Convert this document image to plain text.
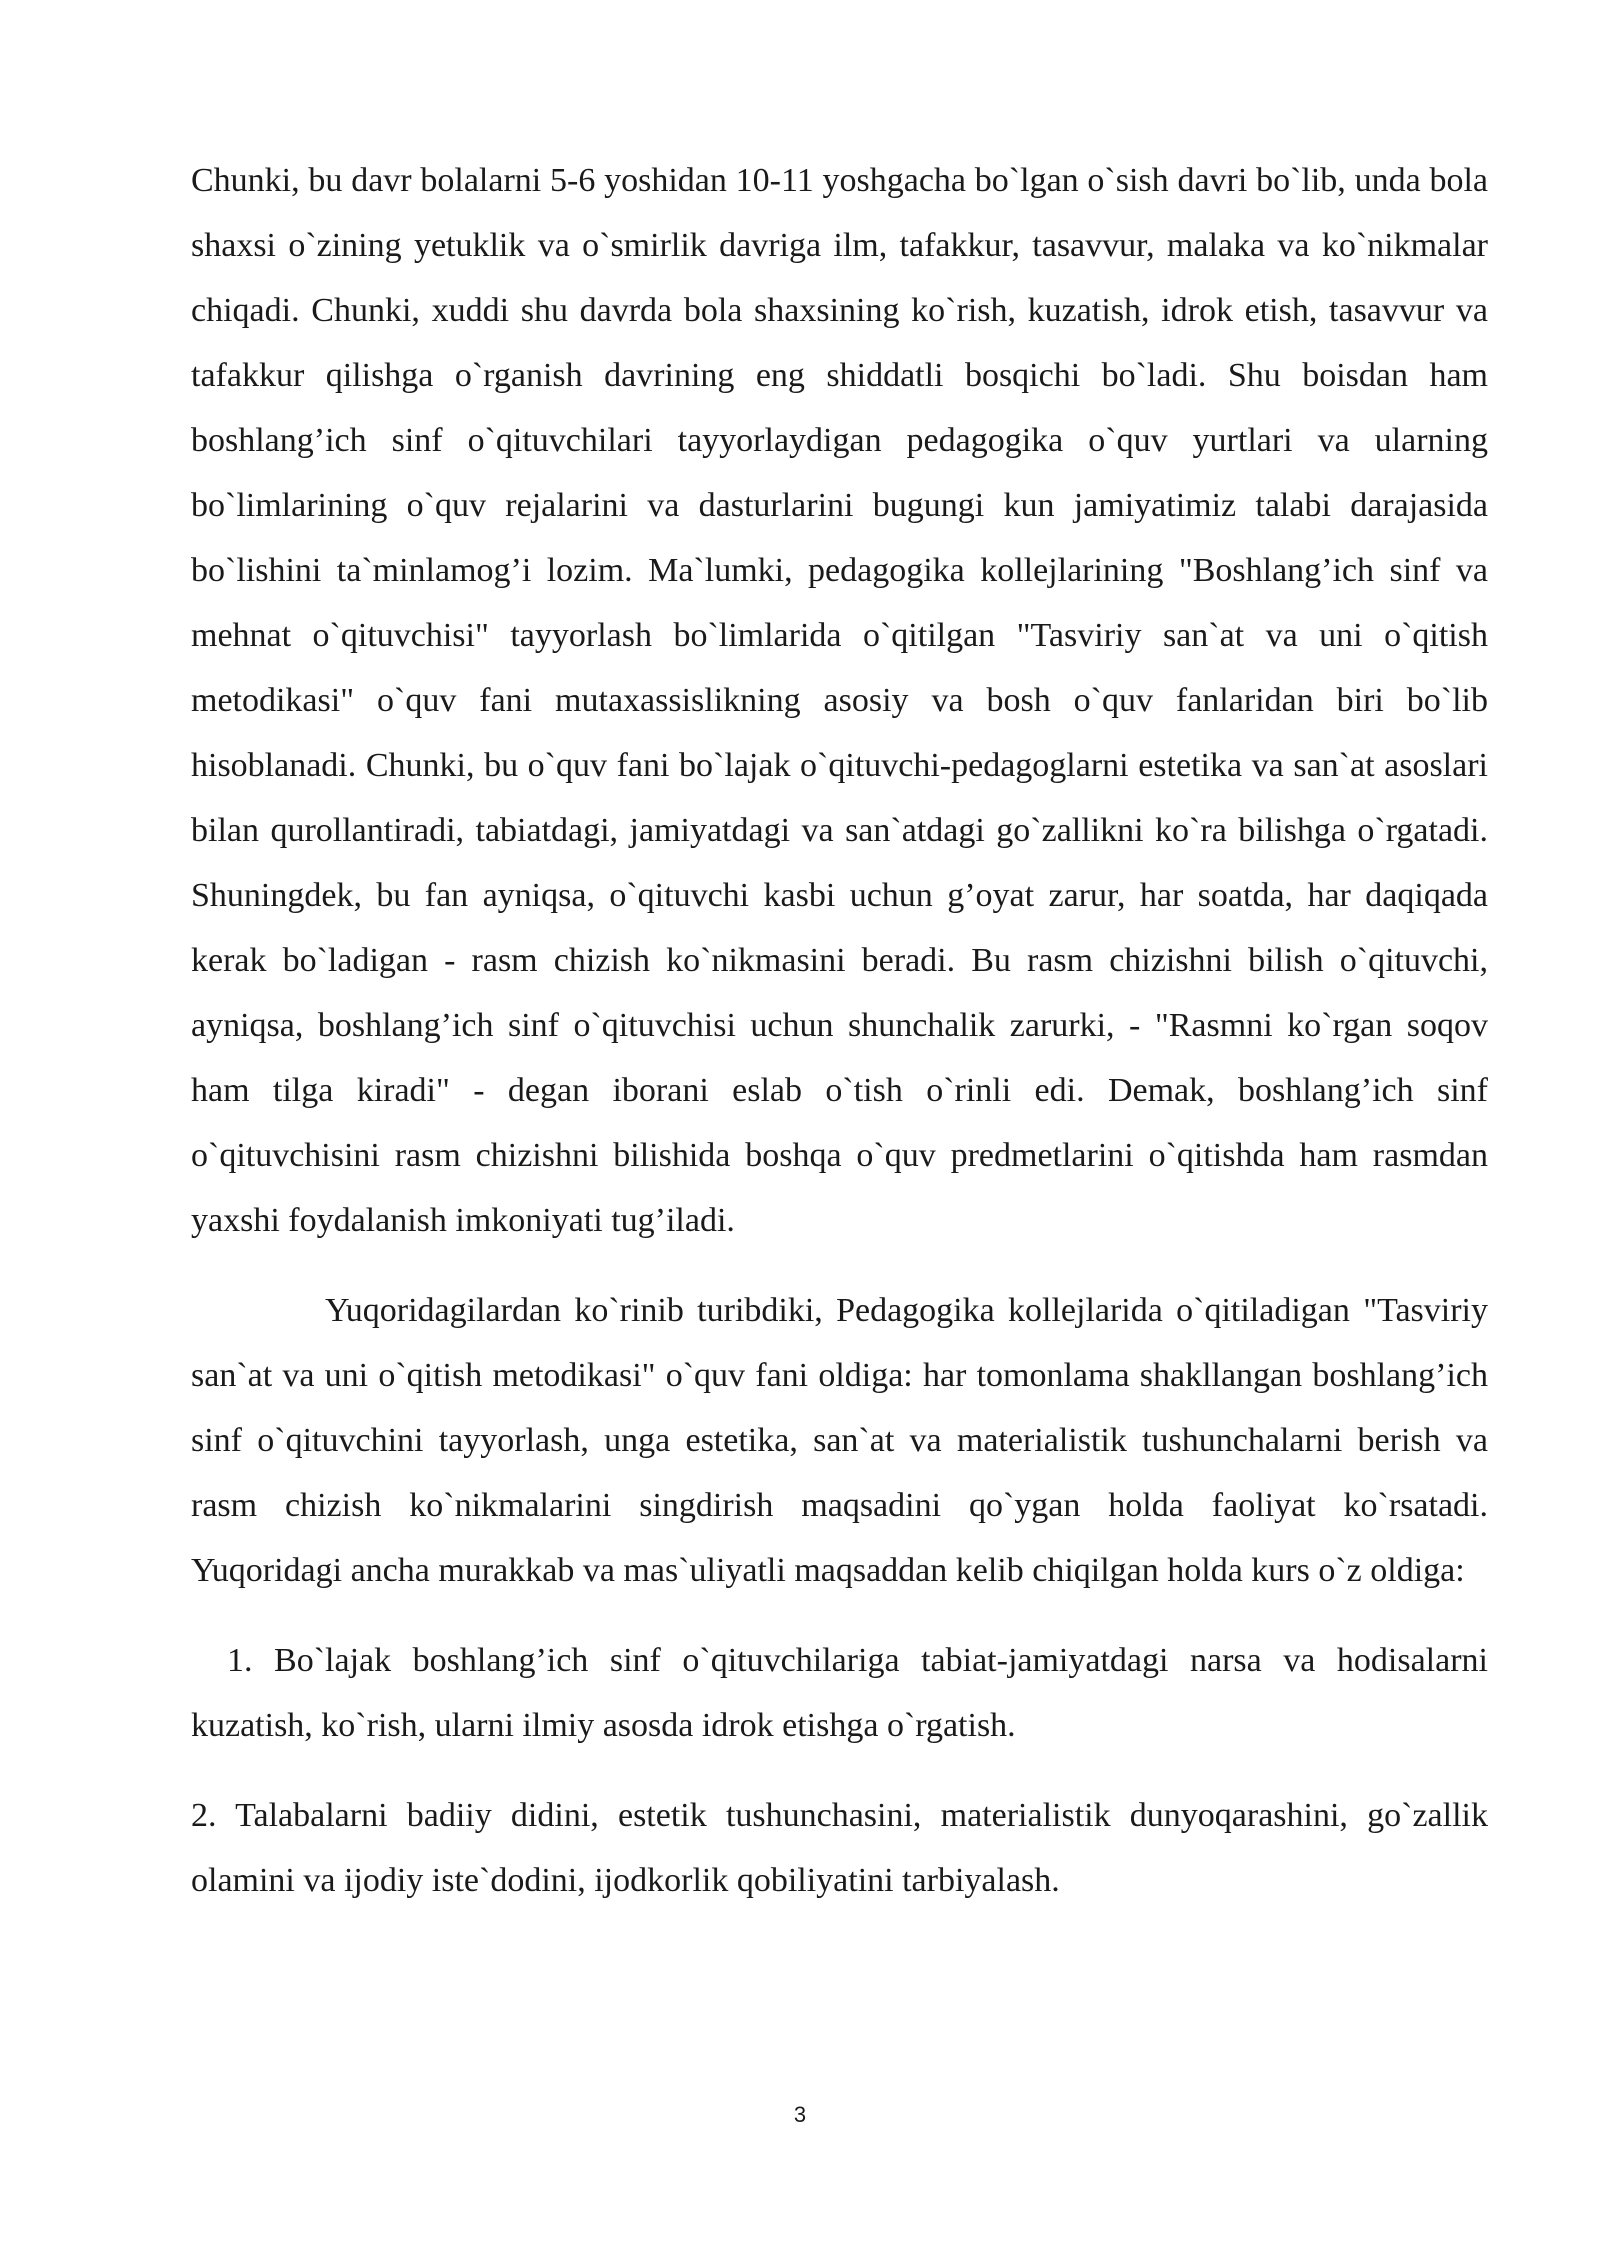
Chunki, bu davr bolalarni 5-6 yoshidan 10-11 yoshgacha bo`lgan o`sish davri bo`lib, unda bola shaxsi o`zining yetuklik va o`smirlik davriga ilm, tafakkur, tasavvur, malaka va ko`nikmalar chiqadi. Chunki, xuddi shu davrda bola shaxsining ko`rish, kuzatish, idrok etish, tasavvur va tafakkur qilishga o`rganish davrining eng shiddatli bosqichi bo`ladi. Shu boisdan ham boshlang’ich sinf o`qituvchilari tayyorlaydigan pedagogika o`quv yurtlari va ularning bo`limlarining o`quv rejalarini va dasturlarini bugungi kun jamiyatimiz talabi darajasida bo`lishini ta`minlamog’i lozim. Ma`lumki, pedagogika kollejlarining "Boshlang’ich sinf va mehnat o`qituvchisi" tayyorlash bo`limlarida o`qitilgan "Tasviriy san`at va uni o`qitish metodikasi" o`quv fani mutaxassislikning asosiy va bosh o`quv fanlaridan biri bo`lib hisoblanadi. Chunki, bu o`quv fani bo`lajak o`qituvchi-pedagoglarni estetika va san`at asoslari bilan qurollantiradi, tabiatdagi, jamiyatdagi va san`atdagi go`zallikni ko`ra bilishga o`rgatadi. Shuningdek, bu fan ayniqsa, o`qituvchi kasbi uchun g’oyat zarur, har soatda, har daqiqada kerak bo`ladigan - rasm chizish ko`nikmasini beradi. Bu rasm chizishni bilish o`qituvchi, ayniqsa, boshlang’ich sinf o`qituvchisi uchun shunchalik zarurki, - "Rasmni ko`rgan soqov ham tilga kiradi" - degan iborani eslab o`tish o`rinli edi. Demak, boshlang’ich sinf o`qituvchisini rasm chizishni bilishida boshqa o`quv predmetlarini o`qitishda ham rasmdan yaxshi foydalanish imkoniyati tug’iladi.

Yuqoridagilardan ko`rinib turibdiki, Pedagogika kollejlarida o`qitiladigan "Tasviriy san`at va uni o`qitish metodikasi" o`quv fani oldiga: har tomonlama shakllangan boshlang’ich sinf o`qituvchini tayyorlash, unga estetika, san`at va materialistik tushunchalarni berish va rasm chizish ko`nikmalarini singdirish maqsadini qo`ygan holda faoliyat ko`rsatadi. Yuqoridagi ancha murakkab va mas`uliyatli maqsaddan kelib chiqilgan holda kurs o`z oldiga:

1. Bo`lajak boshlang’ich sinf o`qituvchilariga tabiat-jamiyatdagi narsa va hodisalarni kuzatish, ko`rish, ularni ilmiy asosda idrok etishga o`rgatish.

2. Talabalarni badiiy didini, estetik tushunchasini, materialistik dunyoqarashini, go`zallik olamini va ijodiy iste`dodini, ijodkorlik qobiliyatini tarbiyalash.

3
